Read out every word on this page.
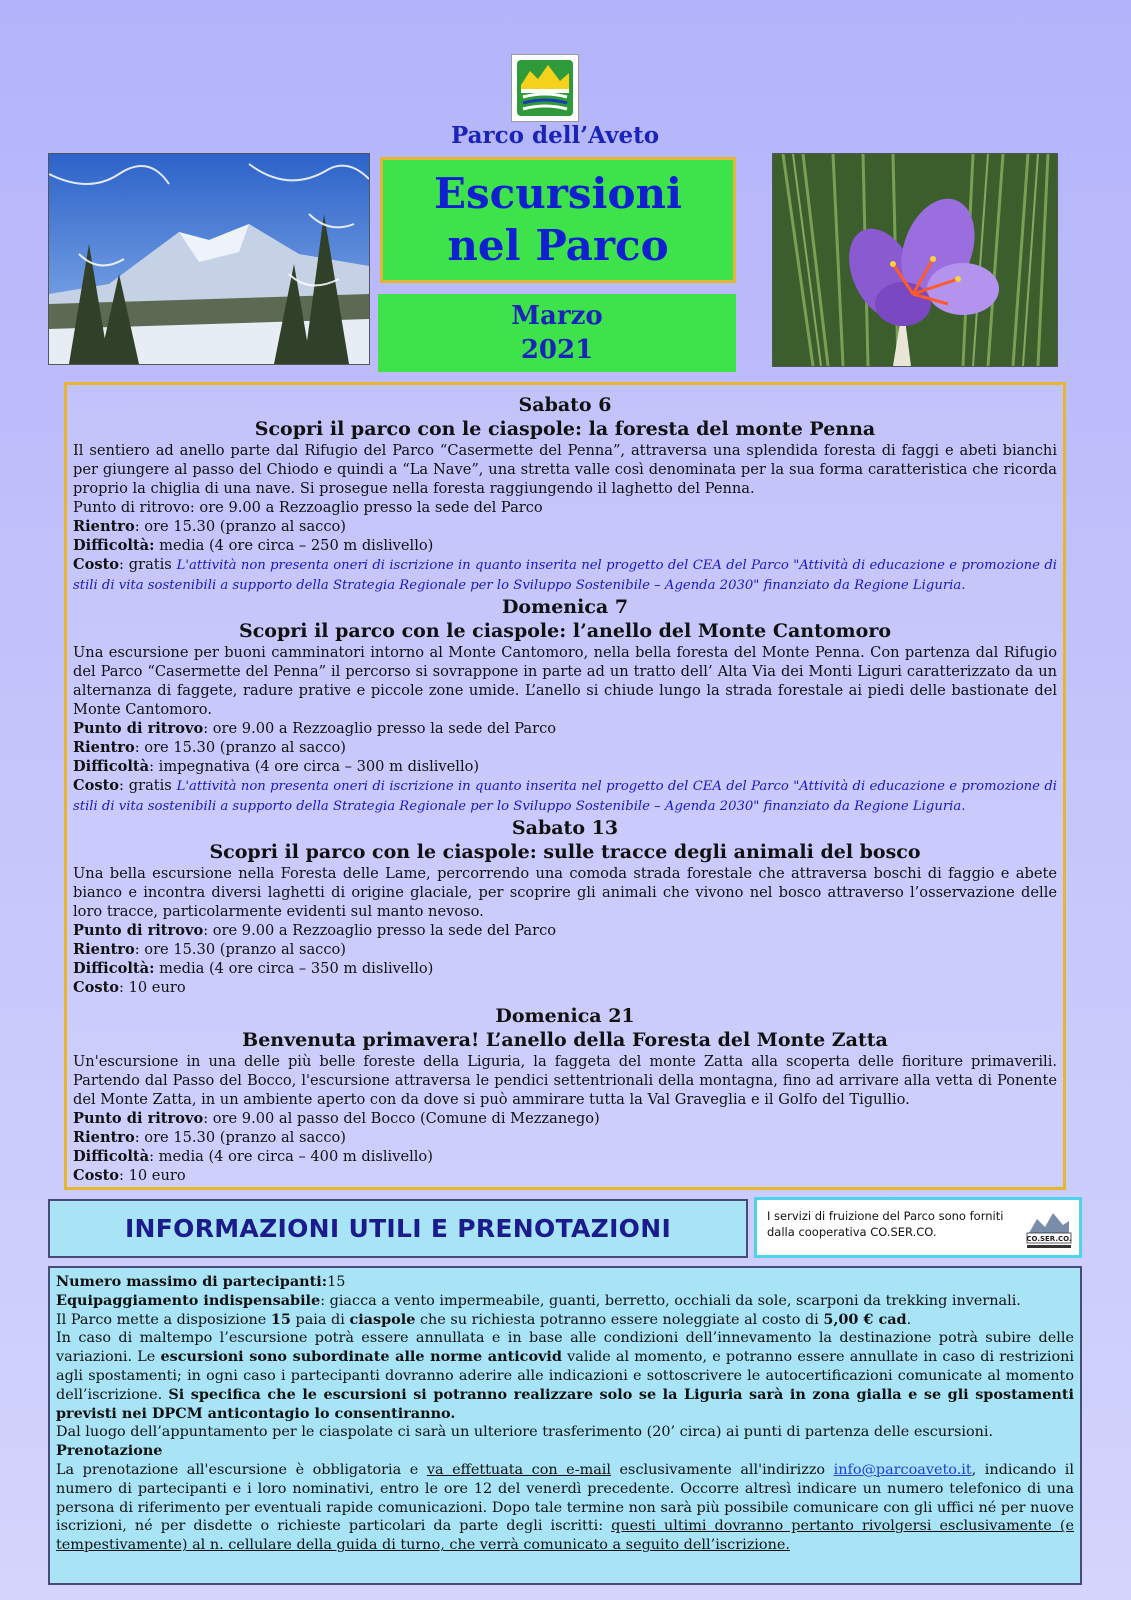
Parco dell’Aveto
Escursioni
nel Parco
Marzo
2021
Sabato 6
Scopri il parco con le ciaspole: la foresta del monte Penna
Il sentiero ad anello parte dal Rifugio del Parco “Casermette del Penna”, attraversa una splendida foresta di faggi e abeti bianchi per giungere al passo del Chiodo e quindi a “La Nave”, una stretta valle così denominata per la sua forma caratteristica che ricorda proprio la chiglia di una nave. Si prosegue nella foresta raggiungendo il laghetto del Penna.
Punto di ritrovo: ore 9.00 a Rezzoaglio presso la sede del Parco
Rientro: ore 15.30 (pranzo al sacco)
Difficoltà: media (4 ore circa – 250 m dislivello)
Costo: gratis L'attività non presenta oneri di iscrizione in quanto inserita nel progetto del CEA del Parco "Attività di educazione e promozione di stili di vita sostenibili a supporto della Strategia Regionale per lo Sviluppo Sostenibile – Agenda 2030" finanziato da Regione Liguria.
Domenica 7
Scopri il parco con le ciaspole: l’anello del Monte Cantomoro
Una escursione per buoni camminatori intorno al Monte Cantomoro, nella bella foresta del Monte Penna. Con partenza dal Rifugio del Parco “Casermette del Penna” il percorso si sovrappone in parte ad un tratto dell’ Alta Via dei Monti Liguri caratterizzato da un alternanza di faggete, radure prative e piccole zone umide. L’anello si chiude lungo la strada forestale ai piedi delle bastionate del Monte Cantomoro.
Punto di ritrovo: ore 9.00 a Rezzoaglio presso la sede del Parco
Rientro: ore 15.30 (pranzo al sacco)
Difficoltà: impegnativa (4 ore circa – 300 m dislivello)
Costo: gratis L'attività non presenta oneri di iscrizione in quanto inserita nel progetto del CEA del Parco "Attività di educazione e promozione di stili di vita sostenibili a supporto della Strategia Regionale per lo Sviluppo Sostenibile – Agenda 2030" finanziato da Regione Liguria.
Sabato 13
Scopri il parco con le ciaspole: sulle tracce degli animali del bosco
Una bella escursione nella Foresta delle Lame, percorrendo una comoda strada forestale che attraversa boschi di faggio e abete bianco e incontra diversi laghetti di origine glaciale, per scoprire gli animali che vivono nel bosco attraverso l’osservazione delle loro tracce, particolarmente evidenti sul manto nevoso.
Punto di ritrovo: ore 9.00 a Rezzoaglio presso la sede del Parco
Rientro: ore 15.30 (pranzo al sacco)
Difficoltà: media (4 ore circa – 350 m dislivello)
Costo: 10 euro
Domenica 21
Benvenuta primavera! L’anello della Foresta del Monte Zatta
Un'escursione in una delle più belle foreste della Liguria, la faggeta del monte Zatta alla scoperta delle fioriture primaverili. Partendo dal Passo del Bocco, l'escursione attraversa le pendici settentrionali della montagna, fino ad arrivare alla vetta di Ponente del Monte Zatta, in un ambiente aperto con da dove si può ammirare tutta la Val Graveglia e il Golfo del Tigullio.
Punto di ritrovo: ore 9.00 al passo del Bocco (Comune di Mezzanego)
Rientro: ore 15.30 (pranzo al sacco)
Difficoltà: media (4 ore circa – 400 m dislivello)
Costo: 10 euro
INFORMAZIONI UTILI E PRENOTAZIONI	I servizi di fruizione del Parco sono forniti dalla cooperativa CO.SER.CO.	CO.SER.CO.
Numero massimo di partecipanti:15
Equipaggiamento indispensabile: giacca a vento impermeabile, guanti, berretto, occhiali da sole, scarponi da trekking invernali.
Il Parco mette a disposizione 15 paia di ciaspole che su richiesta potranno essere noleggiate al costo di 5,00 € cad.
In caso di maltempo l’escursione potrà essere annullata e in base alle condizioni dell’innevamento la destinazione potrà subire delle variazioni. Le escursioni sono subordinate alle norme anticovid valide al momento, e potranno essere annullate in caso di restrizioni agli spostamenti; in ogni caso i partecipanti dovranno aderire alle indicazioni e sottoscrivere le autocertificazioni comunicate al momento dell’iscrizione. Si specifica che le escursioni si potranno realizzare solo se la Liguria sarà in zona gialla e se gli spostamenti previsti nei DPCM anticontagio lo consentiranno.
Dal luogo dell’appuntamento per le ciaspolate ci sarà un ulteriore trasferimento (20’ circa) ai punti di partenza delle escursioni.
Prenotazione
La prenotazione all'escursione è obbligatoria e va effettuata con e-mail esclusivamente all'indirizzo info@parcoaveto.it, indicando il numero di partecipanti e i loro nominativi, entro le ore 12 del venerdì precedente. Occorre altresì indicare un numero telefonico di una persona di riferimento per eventuali rapide comunicazioni. Dopo tale termine non sarà più possibile comunicare con gli uffici né per nuove iscrizioni, né per disdette o richieste particolari da parte degli iscritti: questi ultimi dovranno pertanto rivolgersi esclusivamente (e tempestivamente) al n. cellulare della guida di turno, che verrà comunicato a seguito dell’iscrizione.
